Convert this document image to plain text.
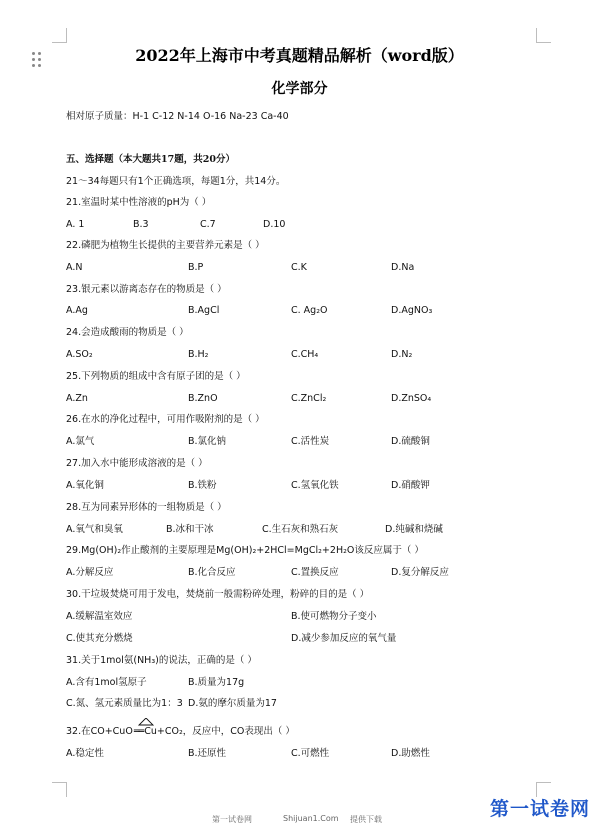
2022年上海市中考真题精品解析（word版）
化学部分
相对原子质量：H-1 C-12 N-14 O-16 Na-23 Ca-40
五、选择题（本大题共17题，共20分）
21～34每题只有1个正确选项，每题1分，共14分。
21.室温时某中性溶液的pH为（ ）
A. 1	B.3	C.7	D.10
22.磷肥为植物生长提供的主要营养元素是（ ）
A.N	B.P	C.K	D.Na
23.银元素以游离态存在的物质是（ ）
A.Ag	B.AgCl	C. Ag₂O	D.AgNO₃
24.会造成酸雨的物质是（ ）
A.SO₂	B.H₂	C.CH₄	D.N₂
25.下列物质的组成中含有原子团的是（ ）
A.Zn	B.ZnO	C.ZnCl₂	D.ZnSO₄
26.在水的净化过程中，可用作吸附剂的是（ ）
A.氯气	B.氯化钠	C.活性炭	D.硫酸铜
27.加入水中能形成溶液的是（ ）
A.氧化铜	B.铁粉	C.氢氧化铁	D.硝酸钾
28.互为同素异形体的一组物质是（ ）
A.氧气和臭氧	B.冰和干冰	C.生石灰和熟石灰	D.纯碱和烧碱
29.Mg(OH)₂作止酸剂的主要原理是Mg(OH)₂+2HCl=MgCl₂+2H₂O该反应属于（ ）
A.分解反应	B.化合反应	C.置换反应	D.复分解反应
30.干垃圾焚烧可用于发电，焚烧前一般需粉碎处理，粉碎的目的是（ ）
A.缓解温室效应	B.使可燃物分子变小
C.使其充分燃烧	D.减少参加反应的氧气量
31.关于1mol氨(NH₃)的说法，正确的是（ ）
A.含有1mol氢原子	B.质量为17g
C.氮、氢元素质量比为1：3 D.氨的摩尔质量为17
32.在CO+CuO
══Cu+CO₂，反应中，CO表现出（ ）
A.稳定性	B.还原性	C.可燃性	D.助燃性
第一试卷网	Shijuan1.Com 提供下载	第一试卷网
